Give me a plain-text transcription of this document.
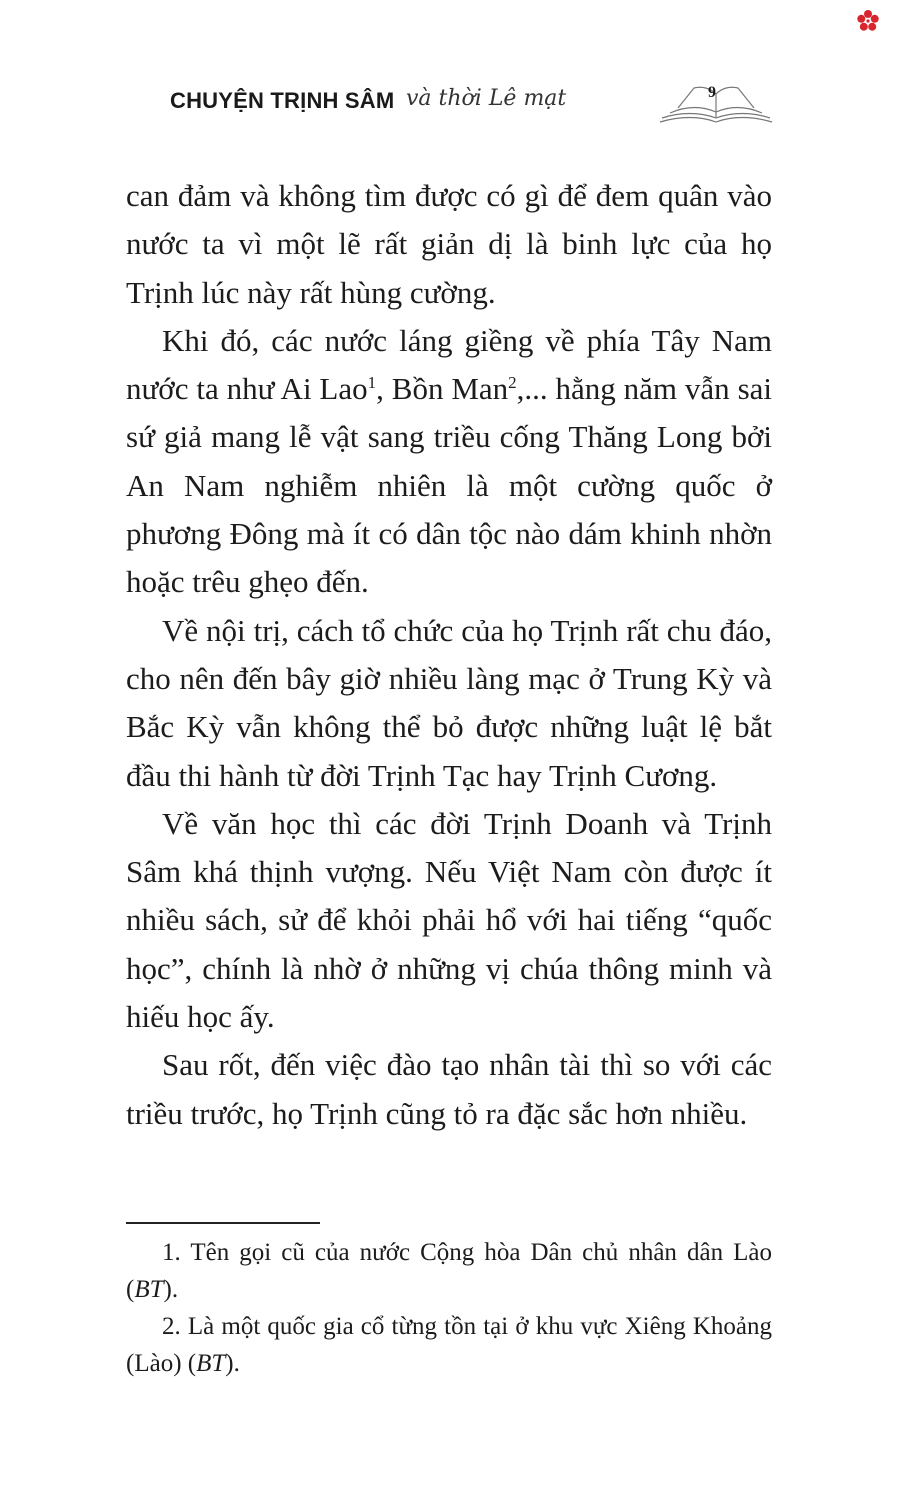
CHUYỆN TRỊNH SÂM và thời Lê mạt	9

can đảm và không tìm được có gì để đem quân vào nước ta vì một lẽ rất giản dị là binh lực của họ Trịnh lúc này rất hùng cường.

Khi đó, các nước láng giềng về phía Tây Nam nước ta như Ai Lao$^1$, Bồn Man$^2$,... hằng năm vẫn sai sứ giả mang lễ vật sang triều cống Thăng Long bởi An Nam nghiễm nhiên là một cường quốc ở phương Đông mà ít có dân tộc nào dám khinh nhờn hoặc trêu ghẹo đến.

Về nội trị, cách tổ chức của họ Trịnh rất chu đáo, cho nên đến bây giờ nhiều làng mạc ở Trung Kỳ và Bắc Kỳ vẫn không thể bỏ được những luật lệ bắt đầu thi hành từ đời Trịnh Tạc hay Trịnh Cương.

Về văn học thì các đời Trịnh Doanh và Trịnh Sâm khá thịnh vượng. Nếu Việt Nam còn được ít nhiều sách, sử để khỏi phải hổ với hai tiếng “quốc học”, chính là nhờ ở những vị chúa thông minh và hiếu học ấy.

Sau rốt, đến việc đào tạo nhân tài thì so với các triều trước, họ Trịnh cũng tỏ ra đặc sắc hơn nhiều.

1. Tên gọi cũ của nước Cộng hòa Dân chủ nhân dân Lào (BT).

2. Là một quốc gia cổ từng tồn tại ở khu vực Xiêng Khoảng (Lào) (BT).
